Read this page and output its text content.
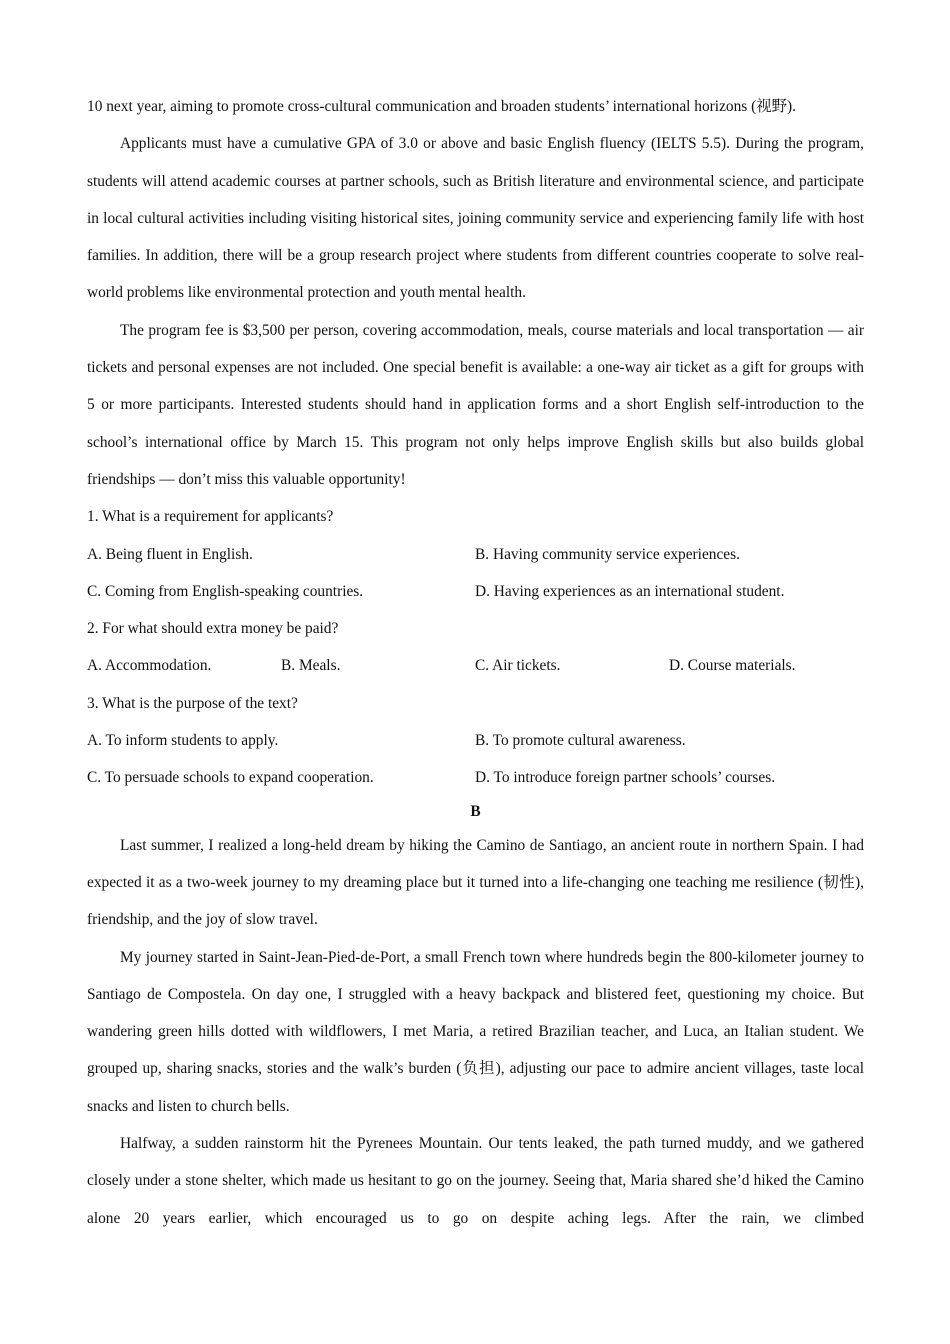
10 next year, aiming to promote cross-cultural communication and broaden students’ international horizons (视野).

Applicants must have a cumulative GPA of 3.0 or above and basic English fluency (IELTS 5.5). During the program, students will attend academic courses at partner schools, such as British literature and environmental science, and participate in local cultural activities including visiting historical sites, joining community service and experiencing family life with host families. In addition, there will be a group research project where students from different countries cooperate to solve real-world problems like environmental protection and youth mental health.

The program fee is $3,500 per person, covering accommodation, meals, course materials and local transportation — air tickets and personal expenses are not included. One special benefit is available: a one-way air ticket as a gift for groups with 5 or more participants. Interested students should hand in application forms and a short English self-introduction to the school’s international office by March 15. This program not only helps improve English skills but also builds global friendships — don’t miss this valuable opportunity!

1. What is a requirement for applicants?

A. Being fluent in English.	B. Having community service experiences.
C. Coming from English-speaking countries.	D. Having experiences as an international student.

2. For what should extra money be paid?

A. Accommodation.	B. Meals.	C. Air tickets.	D. Course materials.

3. What is the purpose of the text?

A. To inform students to apply.	B. To promote cultural awareness.
C. To persuade schools to expand cooperation.	D. To introduce foreign partner schools’ courses.

B

Last summer, I realized a long-held dream by hiking the Camino de Santiago, an ancient route in northern Spain. I had expected it as a two-week journey to my dreaming place but it turned into a life-changing one teaching me resilience (韧性), friendship, and the joy of slow travel.

My journey started in Saint-Jean-Pied-de-Port, a small French town where hundreds begin the 800-kilometer journey to Santiago de Compostela. On day one, I struggled with a heavy backpack and blistered feet, questioning my choice. But wandering green hills dotted with wildflowers, I met Maria, a retired Brazilian teacher, and Luca, an Italian student. We grouped up, sharing snacks, stories and the walk’s burden (负担), adjusting our pace to admire ancient villages, taste local snacks and listen to church bells.

Halfway, a sudden rainstorm hit the Pyrenees Mountain. Our tents leaked, the path turned muddy, and we gathered closely under a stone shelter, which made us hesitant to go on the journey. Seeing that, Maria shared she’d hiked the Camino alone 20 years earlier, which encouraged us to go on despite aching legs. After the rain, we climbed
